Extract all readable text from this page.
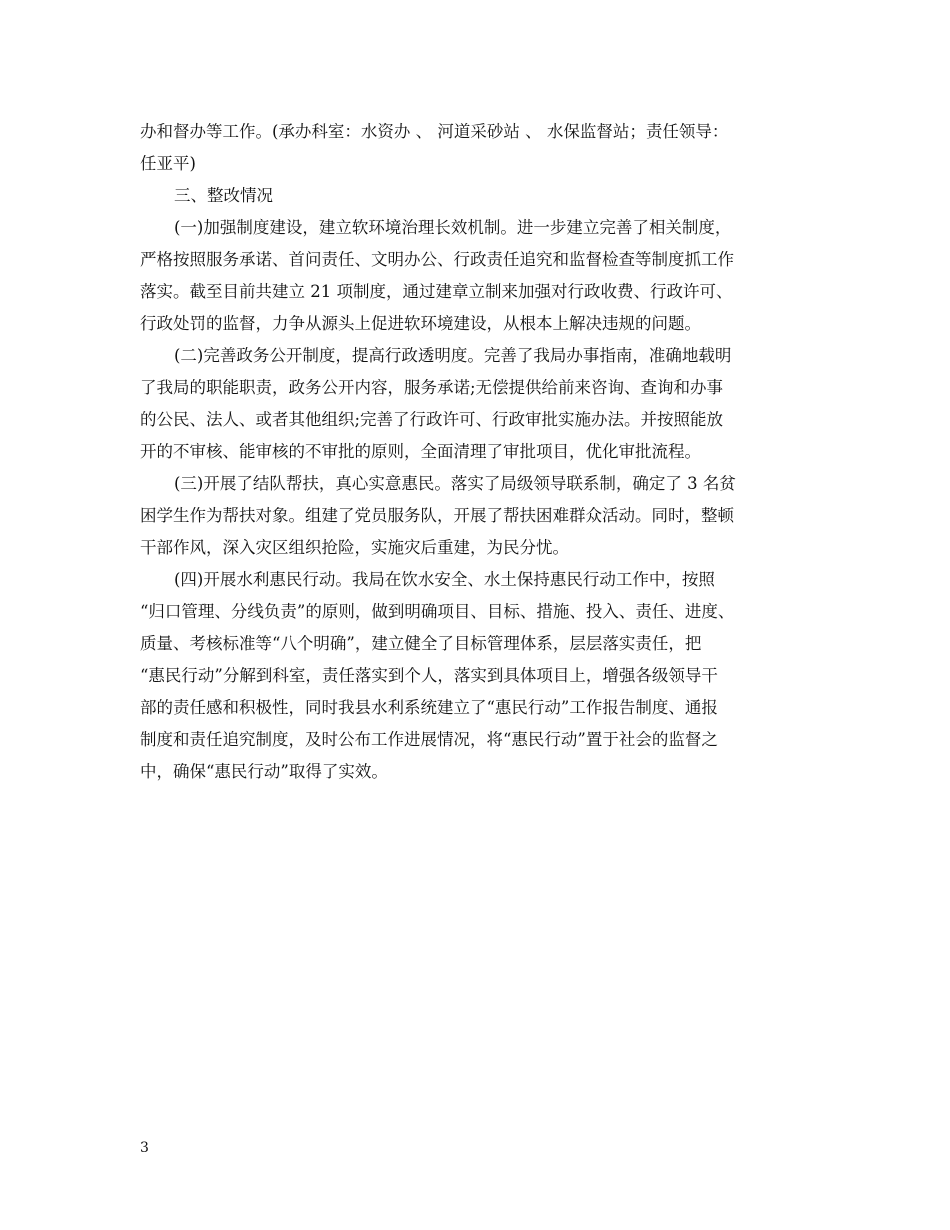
办和督办等工作。(承办科室：水资办 、 河道采砂站 、 水保监督站；责任领导：
任亚平)
三、整改情况
(一)加强制度建设，建立软环境治理长效机制。进一步建立完善了相关制度，
严格按照服务承诺、首问责任、文明办公、行政责任追究和监督检查等制度抓工作
落实。截至目前共建立 21 项制度，通过建章立制来加强对行政收费、行政许可、
行政处罚的监督，力争从源头上促进软环境建设，从根本上解决违规的问题。
(二)完善政务公开制度，提高行政透明度。完善了我局办事指南，准确地载明
了我局的职能职责，政务公开内容，服务承诺;无偿提供给前来咨询、查询和办事
的公民、法人、或者其他组织;完善了行政许可、行政审批实施办法。并按照能放
开的不审核、能审核的不审批的原则，全面清理了审批项目，优化审批流程。
(三)开展了结队帮扶，真心实意惠民。落实了局级领导联系制，确定了 3 名贫
困学生作为帮扶对象。组建了党员服务队，开展了帮扶困难群众活动。同时，整顿
干部作风，深入灾区组织抢险，实施灾后重建，为民分忧。
(四)开展水利惠民行动。我局在饮水安全、水土保持惠民行动工作中，按照
“归口管理、分线负责”的原则，做到明确项目、目标、措施、投入、责任、进度、
质量、考核标准等“八个明确”，建立健全了目标管理体系，层层落实责任，把
“惠民行动”分解到科室，责任落实到个人，落实到具体项目上，增强各级领导干
部的责任感和积极性，同时我县水利系统建立了“惠民行动”工作报告制度、通报
制度和责任追究制度，及时公布工作进展情况，将“惠民行动”置于社会的监督之
中，确保“惠民行动”取得了实效。
3
